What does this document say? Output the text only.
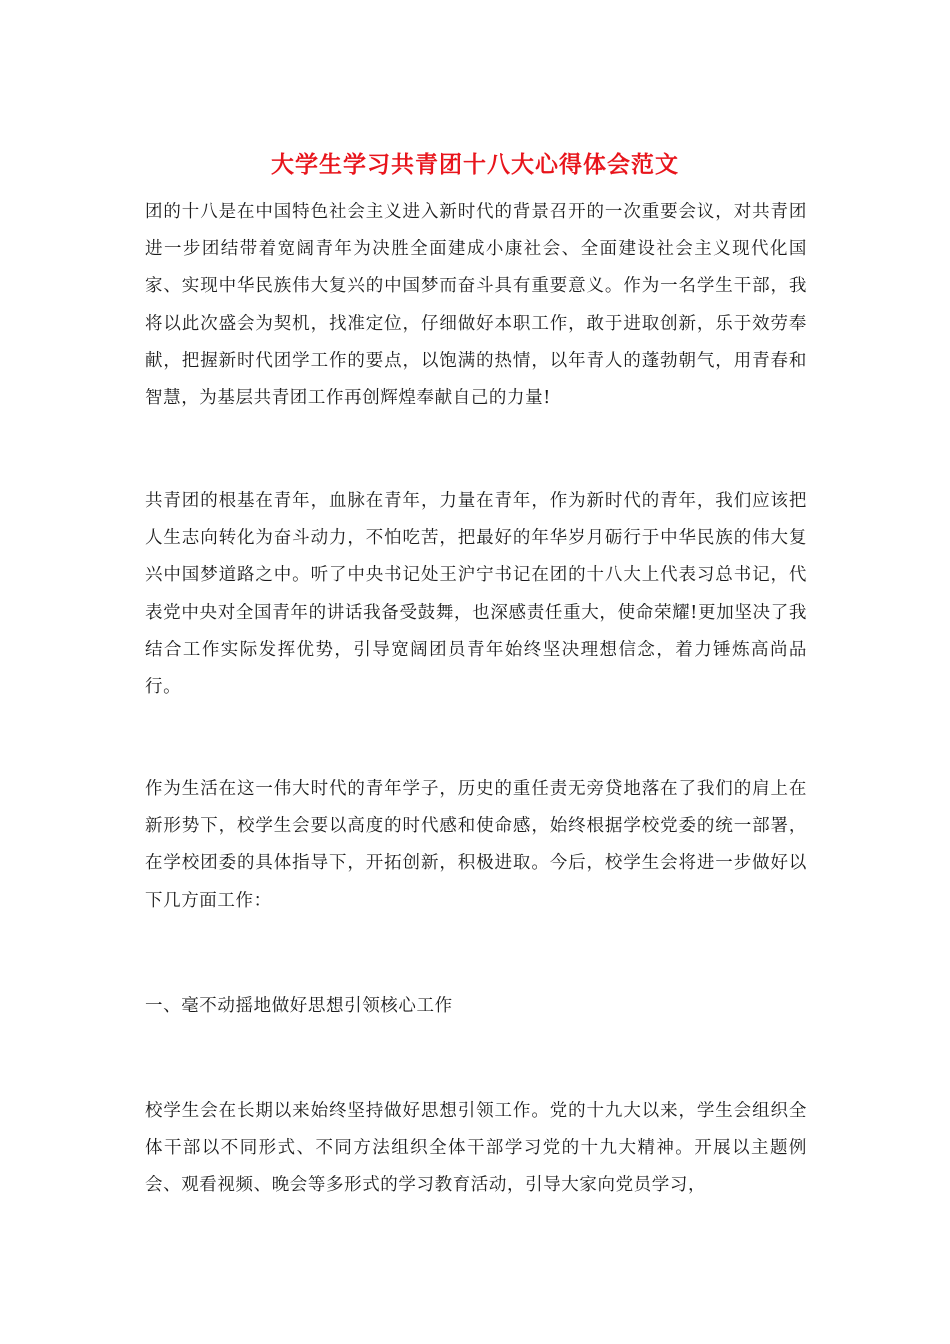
大学生学习共青团十八大心得体会范文

团的十八是在中国特色社会主义进入新时代的背景召开的一次重要会议，对共青团进一步团结带着宽阔青年为决胜全面建成小康社会、全面建设社会主义现代化国家、实现中华民族伟大复兴的中国梦而奋斗具有重要意义。作为一名学生干部，我将以此次盛会为契机，找准定位，仔细做好本职工作，敢于进取创新，乐于效劳奉献，把握新时代团学工作的要点，以饱满的热情，以年青人的蓬勃朝气，用青春和智慧，为基层共青团工作再创辉煌奉献自己的力量!

共青团的根基在青年，血脉在青年，力量在青年，作为新时代的青年，我们应该把人生志向转化为奋斗动力，不怕吃苦，把最好的年华岁月砺行于中华民族的伟大复兴中国梦道路之中。听了中央书记处王沪宁书记在团的十八大上代表习总书记，代表党中央对全国青年的讲话我备受鼓舞，也深感责任重大，使命荣耀!更加坚决了我结合工作实际发挥优势，引导宽阔团员青年始终坚决理想信念，着力锤炼高尚品行。

作为生活在这一伟大时代的青年学子，历史的重任责无旁贷地落在了我们的肩上在新形势下，校学生会要以高度的时代感和使命感，始终根据学校党委的统一部署，在学校团委的具体指导下，开拓创新，积极进取。今后，校学生会将进一步做好以下几方面工作：

一、毫不动摇地做好思想引领核心工作

校学生会在长期以来始终坚持做好思想引领工作。党的十九大以来，学生会组织全体干部以不同形式、不同方法组织全体干部学习党的十九大精神。开展以主题例会、观看视频、晚会等多形式的学习教育活动，引导大家向党员学习，
